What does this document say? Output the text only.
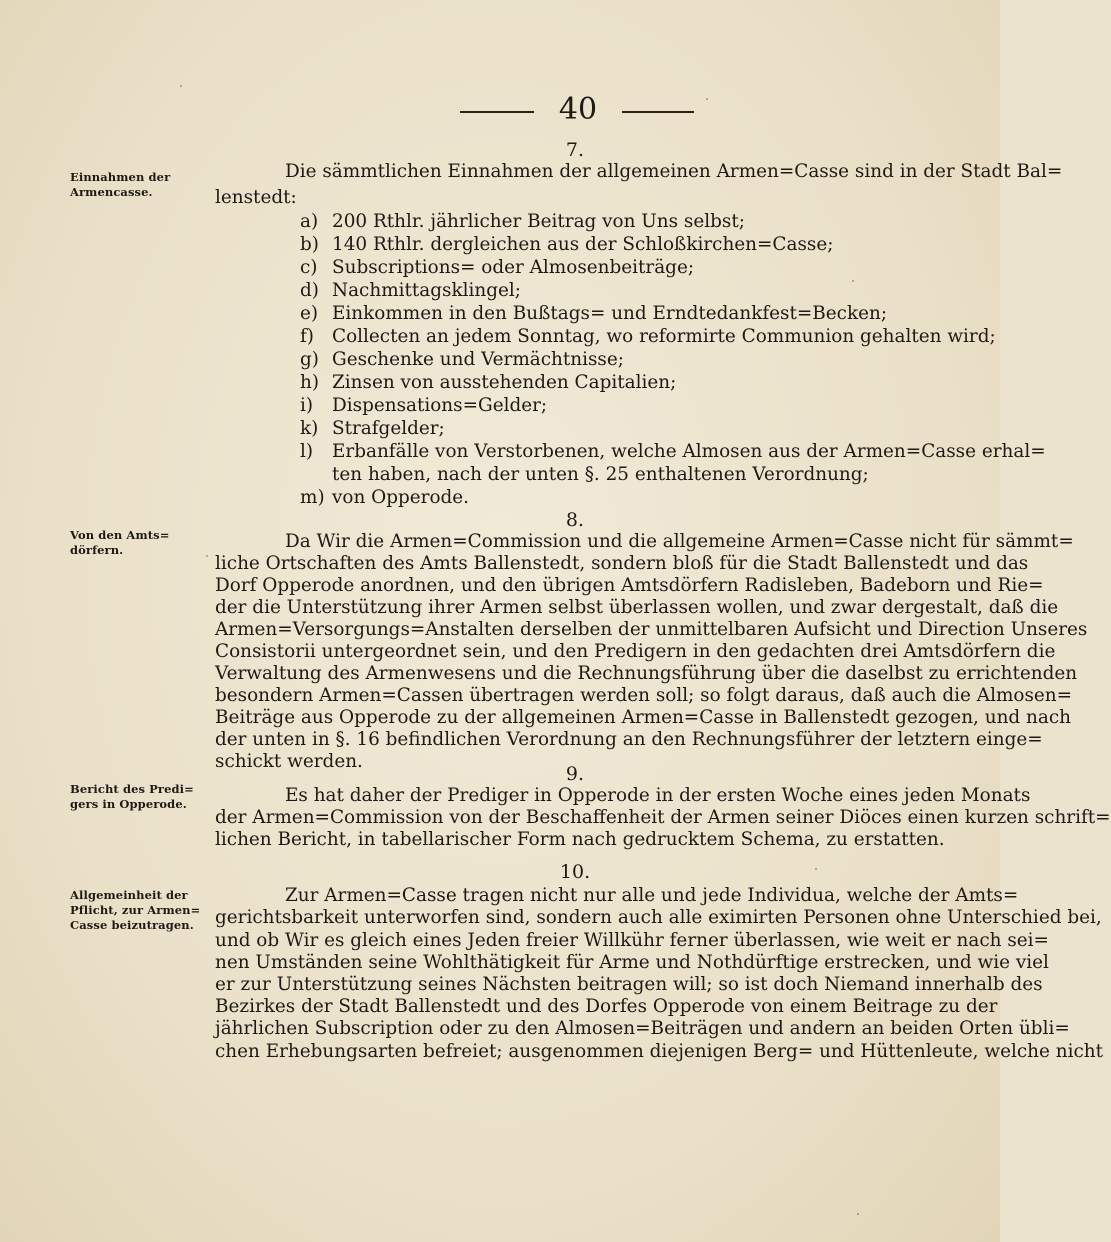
40
7.
Einnahmen der
Armencasse.
Die sämmtlichen Einnahmen der allgemeinen Armen=Casse sind in der Stadt Bal=
lenstedt:
a) 200 Rthlr. jährlicher Beitrag von Uns selbst;
b) 140 Rthlr. dergleichen aus der Schloßkirchen=Casse;
c) Subscriptions= oder Almosenbeiträge;
d) Nachmittagsklingel;
e) Einkommen in den Bußtags= und Erndtedankfest=Becken;
f) Collecten an jedem Sonntag, wo reformirte Communion gehalten wird;
g) Geschenke und Vermächtnisse;
h) Zinsen von ausstehenden Capitalien;
i) Dispensations=Gelder;
k) Strafgelder;
l) Erbanfälle von Verstorbenen, welche Almosen aus der Armen=Casse erhal=
ten haben, nach der unten §. 25 enthaltenen Verordnung;
m) von Opperode.
8.
Von den Amts=
dörfern.	Da Wir die Armen=Commission und die allgemeine Armen=Casse nicht für sämmt=
liche Ortschaften des Amts Ballenstedt, sondern bloß für die Stadt Ballenstedt und das
Dorf Opperode anordnen, und den übrigen Amtsdörfern Radisleben, Badeborn und Rie=
der die Unterstützung ihrer Armen selbst überlassen wollen, und zwar dergestalt, daß die
Armen=Versorgungs=Anstalten derselben der unmittelbaren Aufsicht und Direction Unseres
Consistorii untergeordnet sein, und den Predigern in den gedachten drei Amtsdörfern die
Verwaltung des Armenwesens und die Rechnungsführung über die daselbst zu errichtenden
besondern Armen=Cassen übertragen werden soll; so folgt daraus, daß auch die Almosen=
Beiträge aus Opperode zu der allgemeinen Armen=Casse in Ballenstedt gezogen, und nach
der unten in §. 16 befindlichen Verordnung an den Rechnungsführer der letztern einge=
schickt werden.
9.
Bericht des Predi=
gers in Opperode.	Es hat daher der Prediger in Opperode in der ersten Woche eines jeden Monats
der Armen=Commission von der Beschaffenheit der Armen seiner Diöces einen kurzen schrift=
lichen Bericht, in tabellarischer Form nach gedrucktem Schema, zu erstatten.
10.
Allgemeinheit der
Pflicht, zur Armen=
Casse beizutragen.
Zur Armen=Casse tragen nicht nur alle und jede Individua, welche der Amts=
gerichtsbarkeit unterworfen sind, sondern auch alle eximirten Personen ohne Unterschied bei,
und ob Wir es gleich eines Jeden freier Willkühr ferner überlassen, wie weit er nach sei=
nen Umständen seine Wohlthätigkeit für Arme und Nothdürftige erstrecken, und wie viel
er zur Unterstützung seines Nächsten beitragen will; so ist doch Niemand innerhalb des
Bezirkes der Stadt Ballenstedt und des Dorfes Opperode von einem Beitrage zu der
jährlichen Subscription oder zu den Almosen=Beiträgen und andern an beiden Orten übli=
chen Erhebungsarten befreiet; ausgenommen diejenigen Berg= und Hüttenleute, welche nicht
